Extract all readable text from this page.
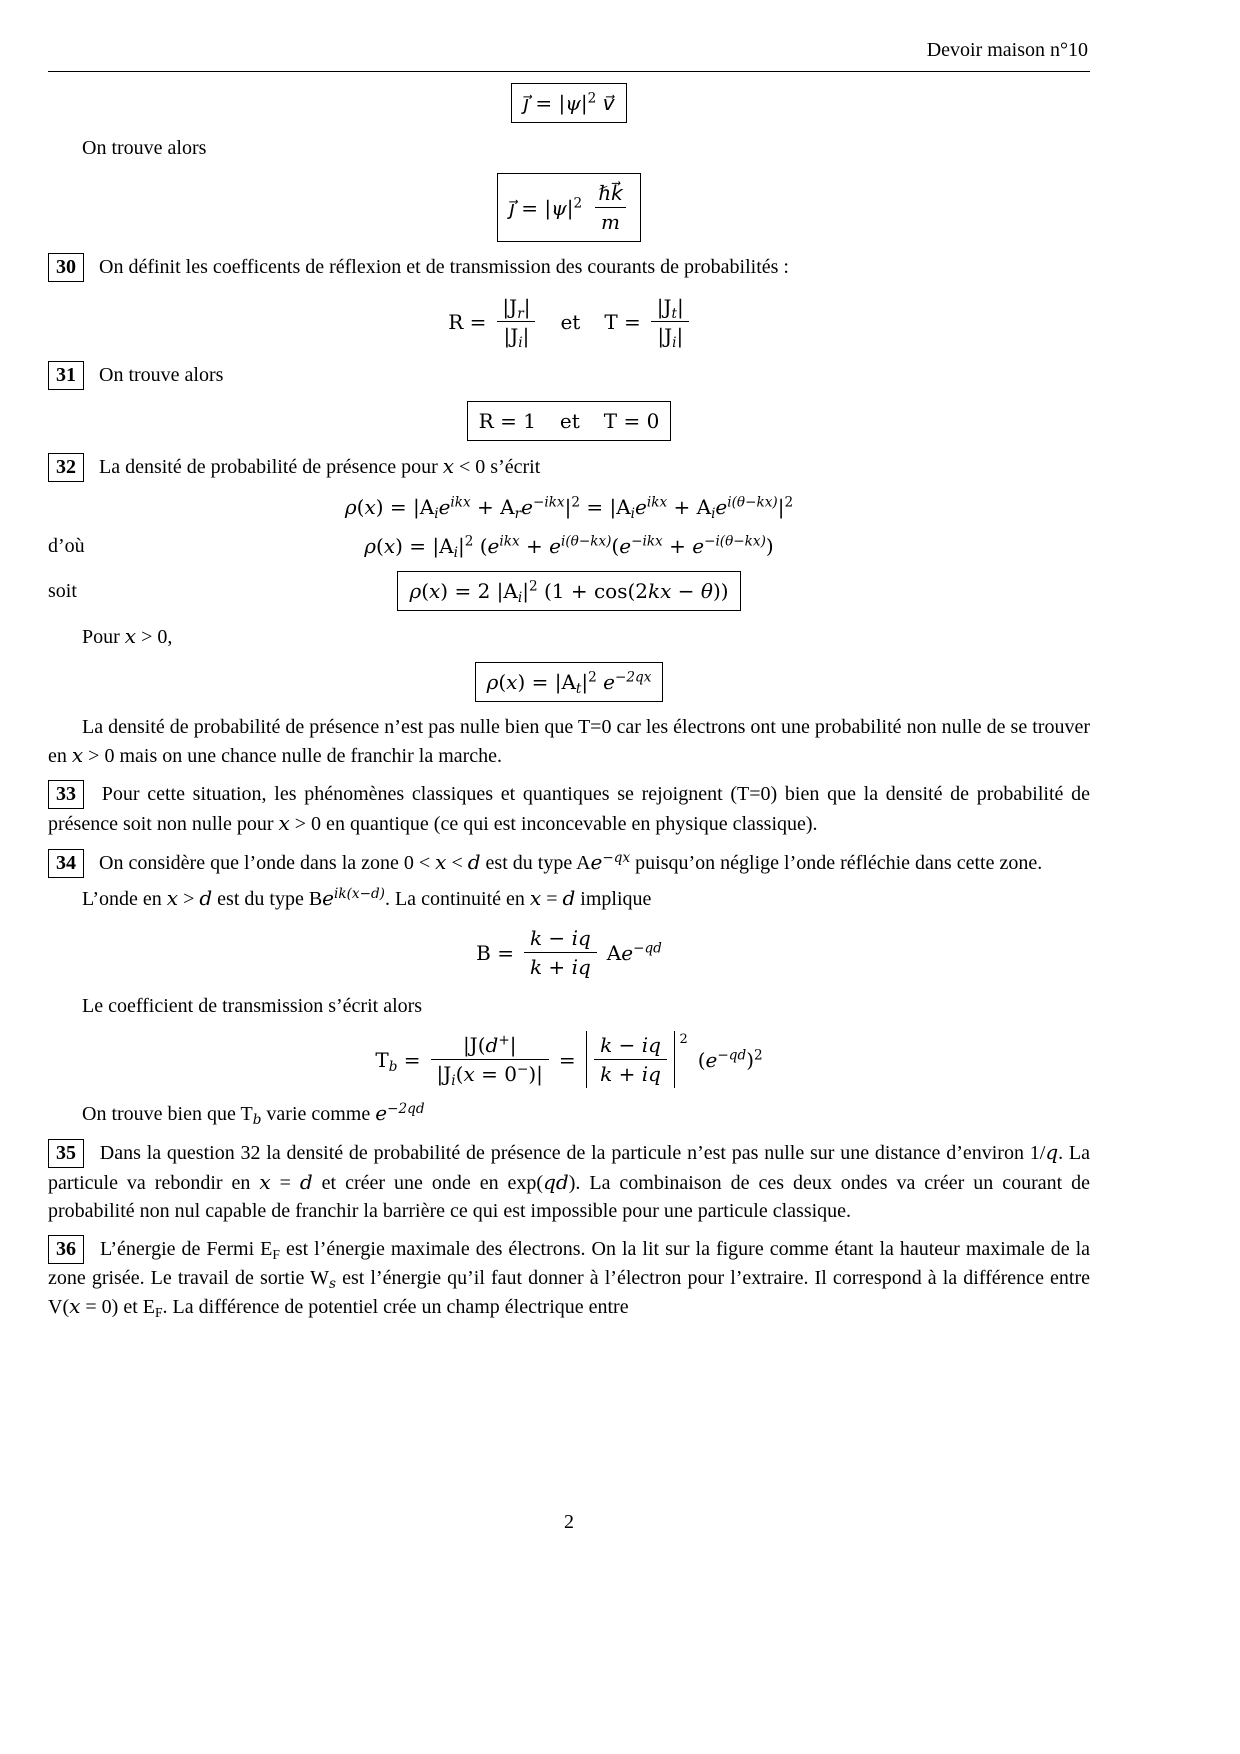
Devoir maison n°10
ȷ⃗ = $|\psi|^2$ v⃗

On trouve alors

ȷ⃗ = $|\psi|^2 \frac{\text{ℏk⃗}}{m}$

30 On définit les coefficents de réflexion et de transmission des courants de probabilités :

$R = \frac{|J_r|}{|J_i|}$ et $T = \frac{|J_t|}{|J_i|}$

31 On trouve alors

R = 1 et T = 0

32 La densité de probabilité de présence pour x < 0 s’écrit

$\rho(x) = |A_ie^{ikx} + A_re^{-ikx}|^2 = |A_ie^{ikx} + A_ie^{i(\theta-kx)}|^2$
d’où	$\rho(x) = |A_i|^2$ ($e^{ikx} + e^{i(\theta-kx)}(e^{-ikx} + e^{-i(\theta-kx)})$
soit	ρ(x) = 2 $|A_i|^2$ (1 + cos(2kx − θ))

Pour x > 0,

$\rho(x) = |A_t|^2$ $e^{-2qx}$

La densité de probabilité de présence n’est pas nulle bien que T=0 car les électrons ont une probabilité non nulle de se trouver en x > 0 mais on une chance nulle de franchir la marche.

33 Pour cette situation, les phénomènes classiques et quantiques se rejoignent (T=0) bien que la densité de probabilité de présence soit non nulle pour x > 0 en quantique (ce qui est inconcevable en physique classique).

34 On considère que l’onde dans la zone 0 < x < d est du type $Ae^{-qx}$ puisqu’on néglige l’onde réfléchie dans cette zone.

L’onde en x > d est du type $Be^{ik(x-d)}$. La continuité en x = d implique

$B = \frac{k - iq}{k + iq} Ae^{-qd}$

Le coefficient de transmission s’écrit alors

$T_b = \frac{|J(d^+|}{|J_i(x = 0^-)|} = \frac{k - iq}{k + iq} ^2$
$(e^{-qd})^2$

On trouve bien que $T_b$ varie comme $e^{-2qd}$

35 Dans la question 32 la densité de probabilité de présence de la particule n’est pas nulle sur une distance d’environ 1/q. La particule va rebondir en x = d et créer une onde en exp(qd). La combinaison de ces deux ondes va créer un courant de probabilité non nul capable de franchir la barrière ce qui est impossible pour une particule classique.

36 L’énergie de Fermi $E_F$ est l’énergie maximale des électrons. On la lit sur la figure comme étant la hauteur maximale de la zone grisée. Le travail de sortie $W_s$ est l’énergie qu’il faut donner à l’électron pour l’extraire. Il correspond à la différence entre V(x = 0) et $E_F$. La différence de potentiel crée un champ électrique entre

2
